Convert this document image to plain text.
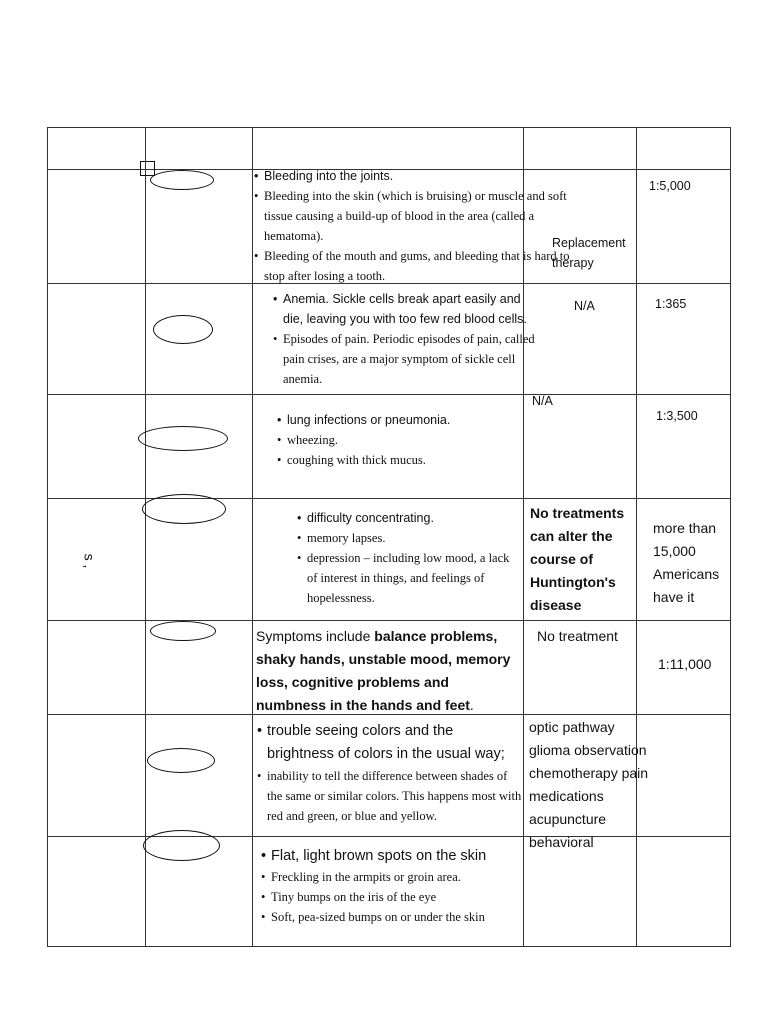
s ,
• Bleeding into the joints.
• Bleeding into the skin (which is bruising) or muscle and soft tissue causing a build-up of blood in the area (called a hematoma).
• Bleeding of the mouth and gums, and bleeding that is hard to stop after losing a tooth.
Replacement therapy
1:5,000
• Anemia. Sickle cells break apart easily and die, leaving you with too few red blood cells.
• Episodes of pain. Periodic episodes of pain, called pain crises, are a major symptom of sickle cell anemia.
N/A	1:365
• lung infections or pneumonia.
• wheezing.
• coughing with thick mucus.
N/A
1:3,500
• difficulty concentrating.
• memory lapses.
• depression – including low mood, a lack of interest in things, and feelings of hopelessness.
No treatments can alter the course of Huntington's disease
more than 15,000 Americans have it
Symptoms include balance problems, shaky hands, unstable mood, memory loss, cognitive problems and numbness in the hands and feet.
No treatment
1:11,000
• trouble seeing colors and the brightness of colors in the usual way;
• inability to tell the difference between shades of the same or similar colors. This happens most with red and green, or blue and yellow.
optic pathway glioma observation chemotherapy pain medications acupuncture behavioral
• Flat, light brown spots on the skin
• Freckling in the armpits or groin area.
• Tiny bumps on the iris of the eye
• Soft, pea-sized bumps on or under the skin
